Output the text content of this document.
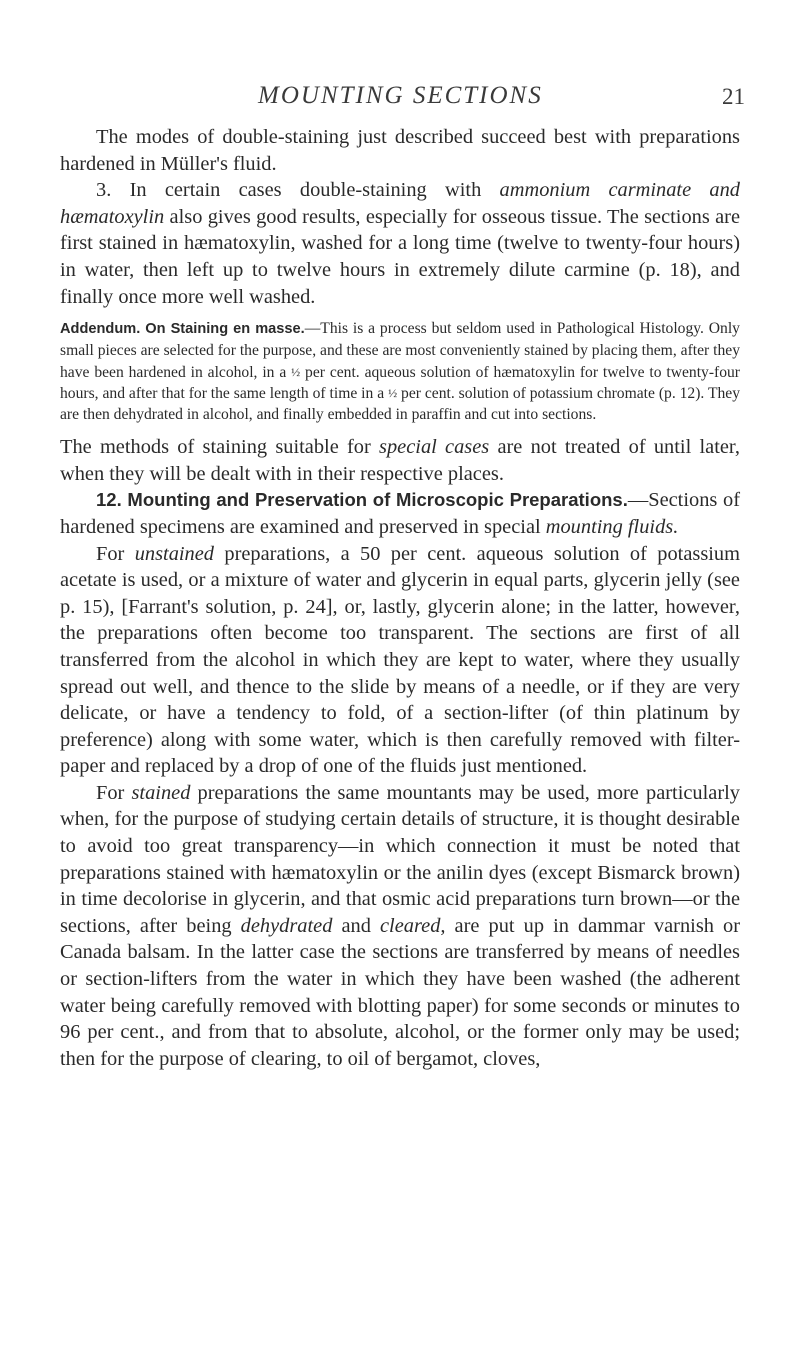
MOUNTING SECTIONS	21

The modes of double-staining just described succeed best with preparations hardened in Müller's fluid.

3. In certain cases double-staining with ammonium carminate and hæmatoxylin also gives good results, especially for osseous tissue. The sections are first stained in hæmatoxylin, washed for a long time (twelve to twenty-four hours) in water, then left up to twelve hours in extremely dilute carmine (p. 18), and finally once more well washed.

Addendum. On Staining en masse.—This is a process but seldom used in Pathological Histology. Only small pieces are selected for the purpose, and these are most conveniently stained by placing them, after they have been hardened in alcohol, in a ½ per cent. aqueous solution of hæmatoxylin for twelve to twenty-four hours, and after that for the same length of time in a ½ per cent. solution of potassium chromate (p. 12). They are then dehydrated in alcohol, and finally embedded in paraffin and cut into sections.

The methods of staining suitable for special cases are not treated of until later, when they will be dealt with in their respective places.

12. Mounting and Preservation of Microscopic Preparations.—Sections of hardened specimens are examined and preserved in special mounting fluids.

For unstained preparations, a 50 per cent. aqueous solution of potassium acetate is used, or a mixture of water and glycerin in equal parts, glycerin jelly (see p. 15), [Farrant's solution, p. 24], or, lastly, glycerin alone; in the latter, however, the preparations often become too transparent. The sections are first of all transferred from the alcohol in which they are kept to water, where they usually spread out well, and thence to the slide by means of a needle, or if they are very delicate, or have a tendency to fold, of a section-lifter (of thin platinum by preference) along with some water, which is then carefully removed with filter-paper and replaced by a drop of one of the fluids just mentioned.

For stained preparations the same mountants may be used, more particularly when, for the purpose of studying certain details of structure, it is thought desirable to avoid too great transparency—in which connection it must be noted that preparations stained with hæmatoxylin or the anilin dyes (except Bismarck brown) in time decolorise in glycerin, and that osmic acid preparations turn brown—or the sections, after being dehydrated and cleared, are put up in dammar varnish or Canada balsam. In the latter case the sections are transferred by means of needles or section-lifters from the water in which they have been washed (the adherent water being carefully removed with blotting paper) for some seconds or minutes to 96 per cent., and from that to absolute, alcohol, or the former only may be used; then for the purpose of clearing, to oil of bergamot, cloves,
